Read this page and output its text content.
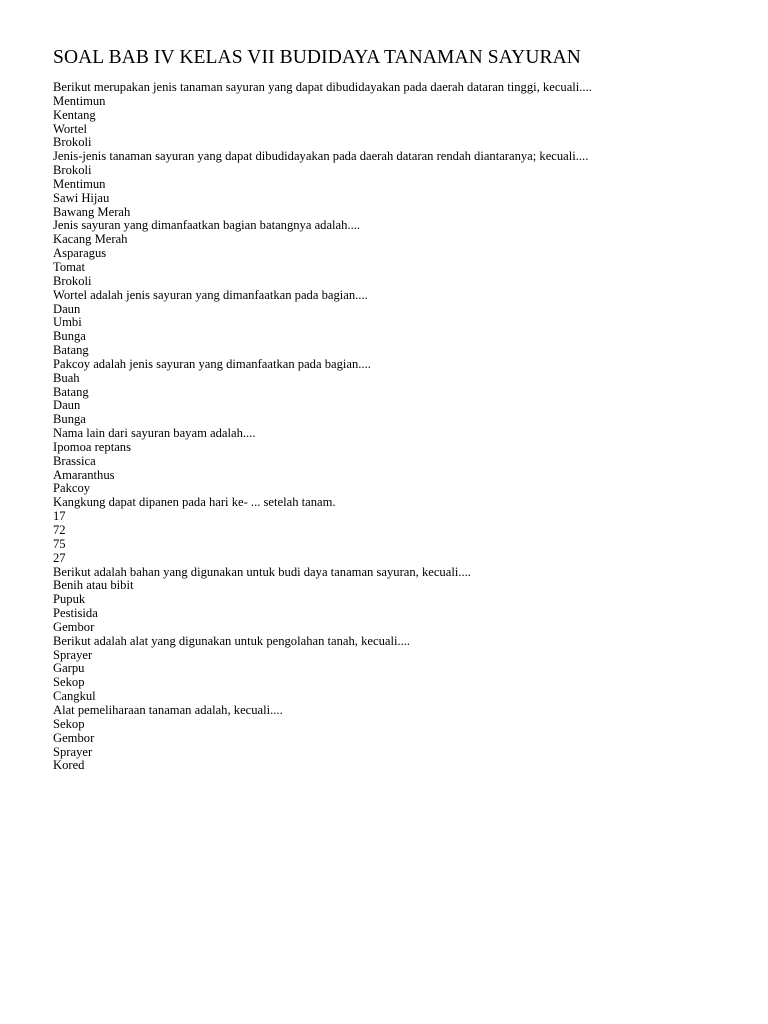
SOAL BAB IV KELAS VII BUDIDAYA TANAMAN SAYURAN
Berikut merupakan jenis tanaman sayuran yang dapat dibudidayakan pada daerah dataran tinggi, kecuali....
Mentimun
Kentang
Wortel
Brokoli
Jenis-jenis tanaman sayuran yang dapat dibudidayakan pada daerah dataran rendah diantaranya; kecuali....
Brokoli
Mentimun
Sawi Hijau
Bawang Merah
Jenis sayuran yang dimanfaatkan bagian batangnya adalah....
Kacang Merah
Asparagus
Tomat
Brokoli
Wortel adalah jenis sayuran yang dimanfaatkan pada bagian....
Daun
Umbi
Bunga
Batang
Pakcoy adalah jenis sayuran yang dimanfaatkan pada bagian....
Buah
Batang
Daun
Bunga
Nama lain dari sayuran bayam adalah....
Ipomoa reptans
Brassica
Amaranthus
Pakcoy
Kangkung dapat dipanen pada hari ke- ... setelah tanam.
17
72
75
27
Berikut adalah bahan yang digunakan untuk budi daya tanaman sayuran, kecuali....
Benih atau bibit
Pupuk
Pestisida
Gembor
Berikut adalah alat yang digunakan untuk pengolahan tanah, kecuali....
Sprayer
Garpu
Sekop
Cangkul
Alat pemeliharaan tanaman adalah, kecuali....
Sekop
Gembor
Sprayer
Kored
